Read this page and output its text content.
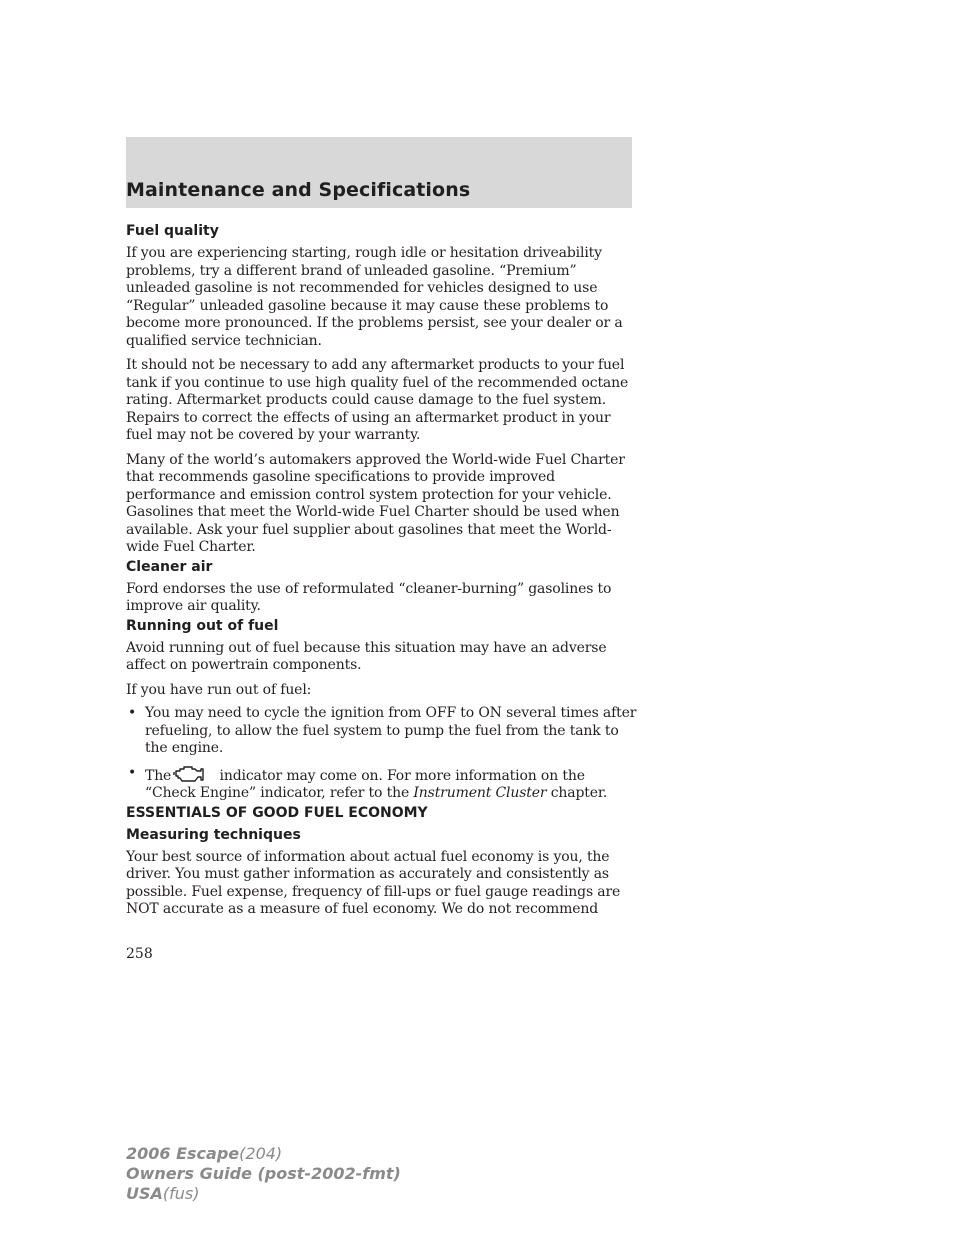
Maintenance and Specifications
Fuel quality

If you are experiencing starting, rough idle or hesitation driveability problems, try a different brand of unleaded gasoline. “Premium” unleaded gasoline is not recommended for vehicles designed to use “Regular” unleaded gasoline because it may cause these problems to become more pronounced. If the problems persist, see your dealer or a qualified service technician.

It should not be necessary to add any aftermarket products to your fuel tank if you continue to use high quality fuel of the recommended octane rating. Aftermarket products could cause damage to the fuel system. Repairs to correct the effects of using an aftermarket product in your fuel may not be covered by your warranty.

Many of the world’s automakers approved the World-wide Fuel Charter that recommends gasoline specifications to provide improved performance and emission control system protection for your vehicle. Gasolines that meet the World-wide Fuel Charter should be used when available. Ask your fuel supplier about gasolines that meet the World-wide Fuel Charter.

Cleaner air

Ford endorses the use of reformulated “cleaner-burning” gasolines to improve air quality.

Running out of fuel

Avoid running out of fuel because this situation may have an adverse affect on powertrain components.

If you have run out of fuel:

• You may need to cycle the ignition from OFF to ON several times after refueling, to allow the fuel system to pump the fuel from the tank to the engine.
• The	indicator may come on. For more information on the “Check Engine” indicator, refer to the Instrument Cluster chapter.
ESSENTIALS OF GOOD FUEL ECONOMY
Measuring techniques

Your best source of information about actual fuel economy is you, the driver. You must gather information as accurately and consistently as possible. Fuel expense, frequency of fill-ups or fuel gauge readings are NOT accurate as a measure of fuel economy. We do not recommend

258
2006 Escape(204)
Owners Guide (post-2002-fmt)
USA(fus)
